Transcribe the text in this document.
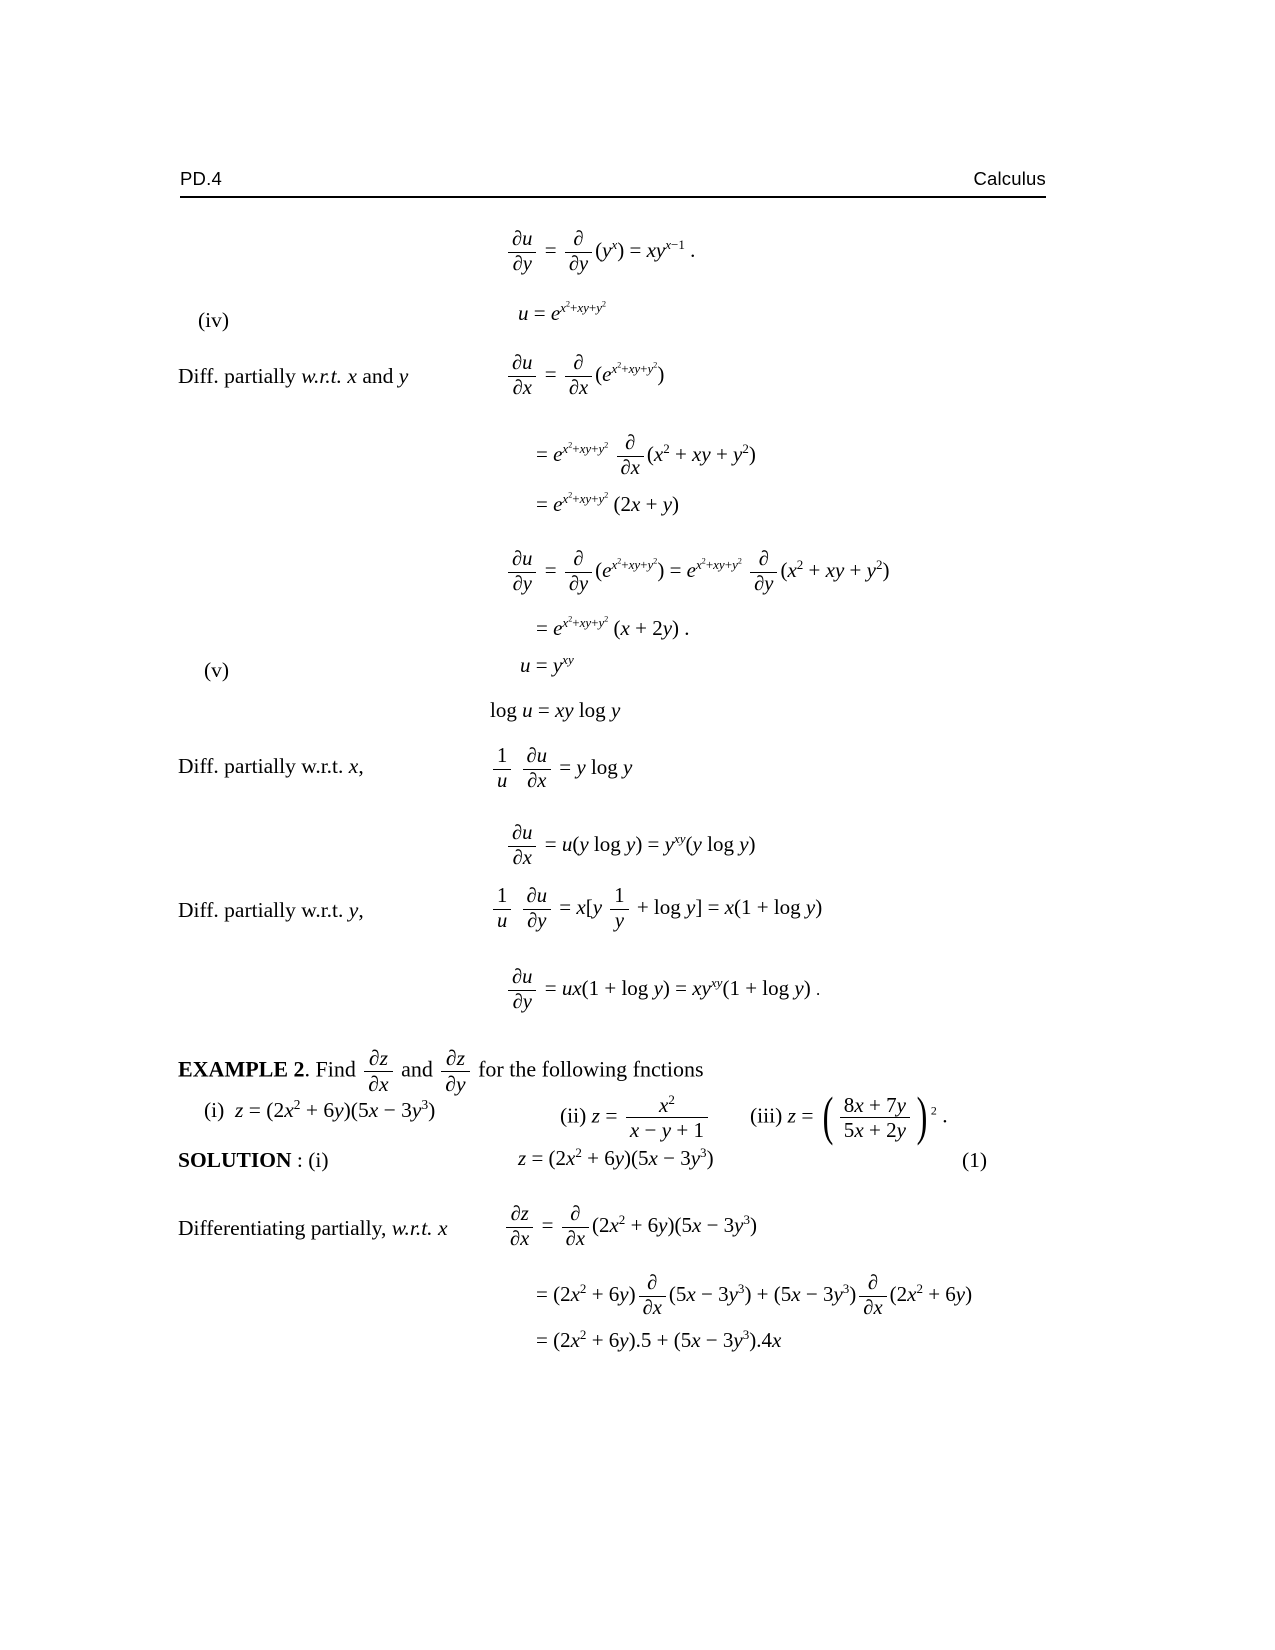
PD.4	Calculus
$\frac{\partial u}{\partial y} = \frac{\partial}{\partial y} (y^x) = xy^{x-1}$ .
(iv)	$u = e^{x^2+xy+y^2}$
Diff. partially w.r.t. x and y	$\frac{\partial u}{\partial x} = \frac{\partial}{\partial x} (e^{x^2+xy+y^2})$
= $e^{x^2+xy+y^2} \frac{\partial}{\partial x} (x^2$ + xy + $y^2$)
= $e^{x^2+xy+y^2}$ (2x + y)
$\frac{\partial u}{\partial y} = \frac{\partial}{\partial y} (e^{x^2+xy+y^2}) = e^{x^2+xy+y^2} \frac{\partial}{\partial y} (x^2$ + xy + $y^2$)
= $e^{x^2+xy+y^2}$ (x + 2y) .
(v)	$u = y^{xy}$
log u = xy log y
Diff. partially w.r.t. x,	$\frac{1}{u}$
$\frac{\partial u}{\partial x} = y$ log y
$\frac{\partial u}{\partial x} = u(y$ $\log y) = y^{xy}(y$ log y)
Diff. partially w.r.t. y,	$\frac{1}{u}$
$\frac{\partial u}{\partial y} = x[y \frac{1}{y} + \log y] = x(1 + \log y)$
$\frac{\partial u}{\partial y} = ux(1 + \log y) = xy^{xy}(1 + \log y)$ .
EXAMPLE 2. Find $\frac{\partial z}{\partial x}$ and $\frac{\partial z}{\partial y}$ for the following fnctions
(i)  $z = (2x^2 + 6y)(5x - 3y^3)$	(ii) $z = \frac{x^2}{x - y + 1} (iii) z$ = ( $\frac{8x + 7y}{5x + 2y}$ ) $^2$ .
SOLUTION : (i)	$z = (2x^2 + 6y)(5x - 3y^3)$	(1)
Differentiating partially, w.r.t. x	$\frac{\partial z}{\partial x} = \frac{\partial}{\partial x} (2x^2 + 6y)(5x - 3y^3)$
= $(2x^2 + 6y) \frac{\partial}{\partial x} (5x - 3y^3) + (5x - 3y^3) \frac{\partial}{\partial x} (2x^2 + 6y)$
= $(2x^2 + 6y).5 + (5x - 3y^3).4x$
